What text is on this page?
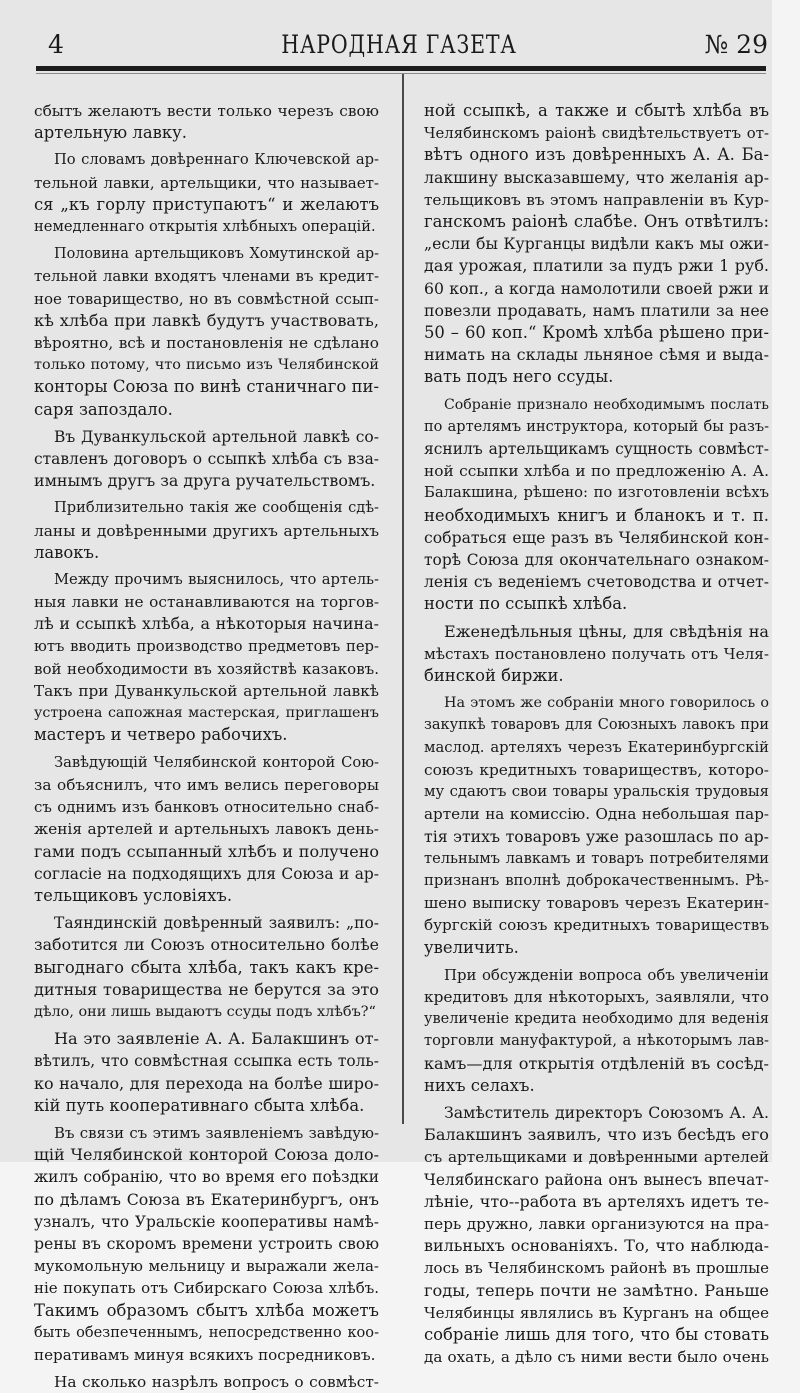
4	НАРОДНАЯ ГАЗЕТА	№ 29
сбытъ желаютъ вести только черезъ свою
артельную лавку.
По словамъ довѣреннаго Ключевской ар-
тельной лавки, артельщики, что называет-
ся „къ горлу приступаютъ“ и желаютъ
немедленнаго открытія хлѣбныхъ операцій.
Половина артельщиковъ Хомутинской ар-
тельной лавки входятъ членами въ кредит-
ное товарищество, но въ совмѣстной ссып-
кѣ хлѣба при лавкѣ будутъ участвовать,
вѣроятно, всѣ и постановленія не сдѣлано
только потому, что письмо изъ Челябинской
конторы Союза по винѣ станичнаго пи-
саря запоздало.
Въ Дуванкульской артельной лавкѣ со-
ставленъ договоръ о ссыпкѣ хлѣба съ вза-
имнымъ другъ за друга ручательствомъ.
Приблизительно такія же сообщенія сдѣ-
ланы и довѣренными другихъ артельныхъ
лавокъ.
Между прочимъ выяснилось, что артель-
ныя лавки не останавливаются на торгов-
лѣ и ссыпкѣ хлѣба, а нѣкоторыя начина-
ютъ вводить производство предметовъ пер-
вой необходимости въ хозяйствѣ казаковъ.
Такъ при Дуванкульской артельной лавкѣ
устроена сапожная мастерская, приглашенъ
мастеръ и четверо рабочихъ.
Завѣдующій Челябинской конторой Сою-
за объяснилъ, что имъ велись переговоры
съ однимъ изъ банковъ относительно снаб-
женія артелей и артельныхъ лавокъ день-
гами подъ ссыпанный хлѣбъ и получено
согласіе на подходящихъ для Союза и ар-
тельщиковъ условіяхъ.
Таяндинскій довѣренный заявилъ: „по-
заботится ли Союзъ относительно болѣе
выгоднаго сбыта хлѣба, такъ какъ кре-
дитныя товарищества не берутся за это
дѣло, они лишь выдаютъ ссуды подъ хлѣбъ?“
На это заявленіе А. А. Балакшинъ от-
вѣтилъ, что совмѣстная ссыпка есть толь-
ко начало, для перехода на болѣе широ-
кій путь кооперативнаго сбыта хлѣба.
Въ связи съ этимъ заявленіемъ завѣдую-
щій Челябинской конторой Союза доло-
жилъ собранію, что во время его поѣздки
по дѣламъ Союза въ Екатеринбургъ, онъ
узналъ, что Уральскіе кооперативы намѣ-
рены въ скоромъ времени устроить свою
мукомольную мельницу и выражали жела-
ніе покупать отъ Сибирскаго Союза хлѣбъ.
Такимъ образомъ сбытъ хлѣба можетъ
быть обезпеченнымъ, непосредственно коо-
перативамъ минуя всякихъ посредниковъ.
На сколько назрѣлъ вопросъ о совмѣст-
ной ссыпкѣ, а также и сбытѣ хлѣба въ
Челябинскомъ раіонѣ свидѣтельствуетъ от-
вѣтъ одного изъ довѣренныхъ А. А. Ба-
лакшину высказавшему, что желанія ар-
тельщиковъ въ этомъ направленіи въ Кур-
ганскомъ раіонѣ слабѣе. Онъ отвѣтилъ:
„если бы Курганцы видѣли какъ мы ожи-
дая урожая, платили за пудъ ржи 1 руб.
60 коп., а когда намолотили своей ржи и
повезли продавать, намъ платили за нее
50 – 60 коп.“ Кромѣ хлѣба рѣшено при-
нимать на склады льняное сѣмя и выда-
вать подъ него ссуды.
Собраніе признало необходимымъ послать
по артелямъ инструктора, который бы разъ-
яснилъ артельщикамъ сущность совмѣст-
ной ссыпки хлѣба и по предложенію А. А.
Балакшина, рѣшено: по изготовленіи всѣхъ
необходимыхъ книгъ и бланокъ и т. п.
собраться еще разъ въ Челябинской кон-
торѣ Союза для окончательнаго ознаком-
ленія съ веденіемъ счетоводства и отчет-
ности по ссыпкѣ хлѣба.
Еженедѣльныя цѣны, для свѣдѣнія на
мѣстахъ постановлено получать отъ Челя-
бинской биржи.
На этомъ же собраніи много говорилось о
закупкѣ товаровъ для Союзныхъ лавокъ при
маслод. артеляхъ черезъ Екатеринбургскій
союзъ кредитныхъ товариществъ, которо-
му сдаютъ свои товары уральскія трудовыя
артели на комиссію. Одна небольшая пар-
тія этихъ товаровъ уже разошлась по ар-
тельнымъ лавкамъ и товаръ потребителями
признанъ вполнѣ доброкачественнымъ. Рѣ-
шено выписку товаровъ черезъ Екатерин-
бургскій союзъ кредитныхъ товариществъ
увеличить.
При обсужденіи вопроса объ увеличеніи
кредитовъ для нѣкоторыхъ, заявляли, что
увеличеніе кредита необходимо для веденія
торговли мануфактурой, а нѣкоторымъ лав-
камъ—для открытія отдѣленій въ сосѣд-
нихъ селахъ.
Замѣститель директоръ Союзомъ А. А.
Балакшинъ заявилъ, что изъ бесѣдъ его
съ артельщиками и довѣренными артелей
Челябинскаго района онъ вынесъ впечат-
лѣніе, что--работа въ артеляхъ идетъ те-
перь дружно, лавки организуются на пра-
вильныхъ основаніяхъ. То, что наблюда-
лось въ Челябинскомъ районѣ въ прошлые
годы, теперь почти не замѣтно. Раньше
Челябинцы являлись въ Курганъ на общее
собраніе лишь для того, что бы стовать
да охать, а дѣло съ ними вести было очень
